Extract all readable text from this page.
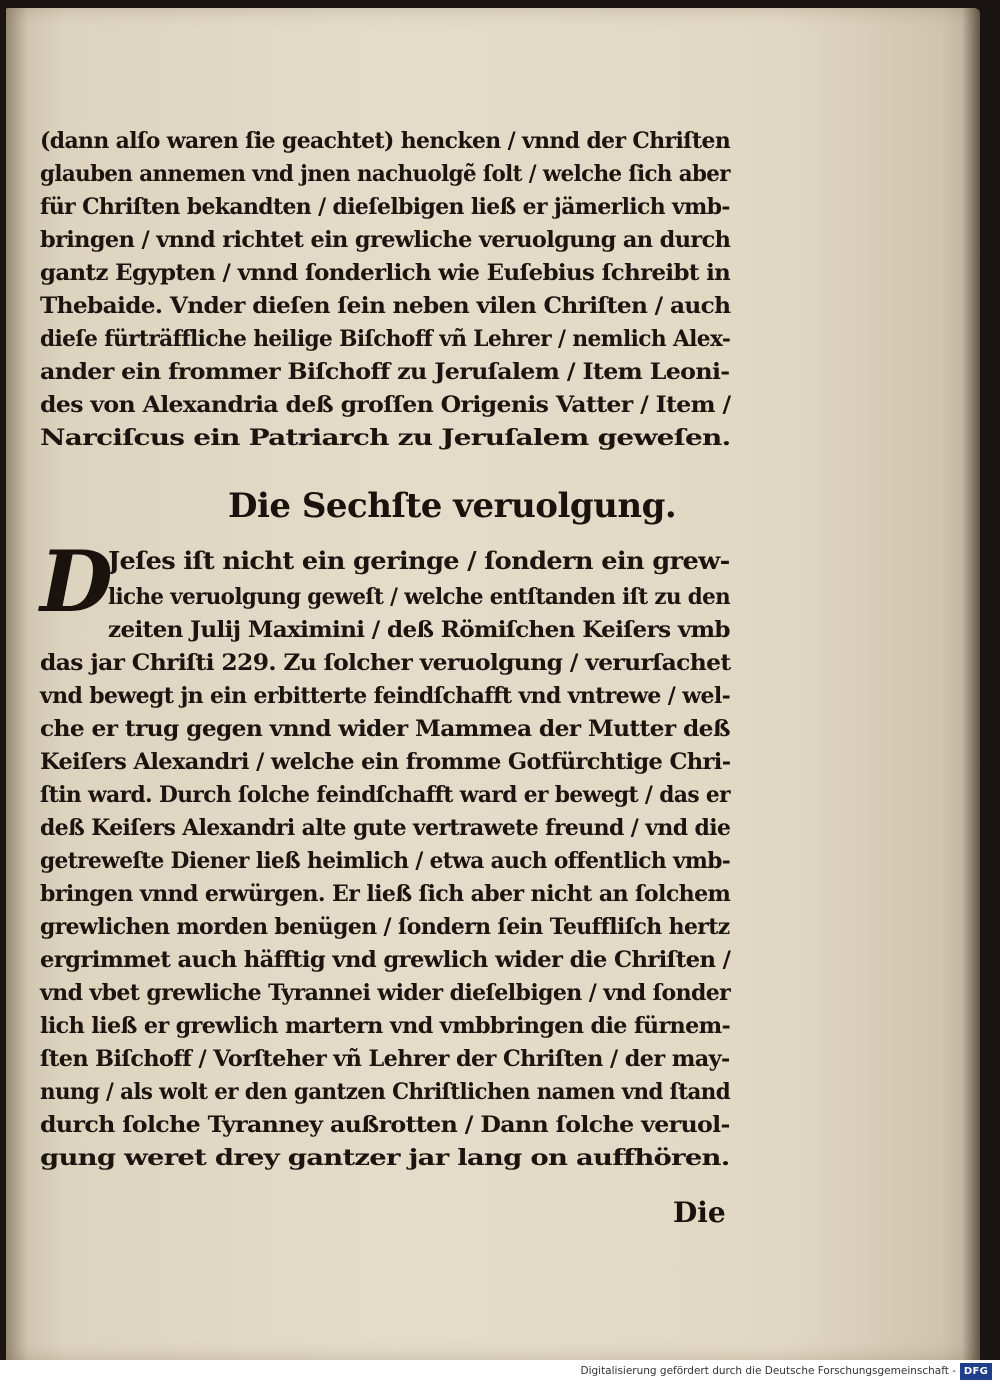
(dann alſo waren ſie geachtet) hencken / vnnd der Chriſten
glauben annemen vnd jnen nachuolgẽ ſolt / welche ſich aber
für Chriſten bekandten / dieſelbigen ließ er jämerlich vmb-
bringen / vnnd richtet ein grewliche veruolgung an durch
gantz Egypten / vnnd ſonderlich wie Euſebius ſchreibt in
Thebaide. Vnder dieſen ſein neben vilen Chriſten / auch
dieſe fürträffliche heilige Biſchoff vñ Lehrer / nemlich Alex-
ander ein frommer Biſchoff zu Jeruſalem / Item Leoni-
des von Alexandria deß groſſen Origenis Vatter / Item /
Narciſcus ein Patriarch zu Jeruſalem geweſen.
Die Sechſte veruolgung.
D
Jeſes iſt nicht ein geringe / ſondern ein grew-
liche veruolgung geweſt / welche entſtanden iſt zu den
zeiten Julij Maximini / deß Römiſchen Keiſers vmb
das jar Chriſti 229. Zu ſolcher veruolgung / verurſachet
vnd bewegt jn ein erbitterte feindſchafft vnd vntrewe / wel-
che er trug gegen vnnd wider Mammea der Mutter deß
Keiſers Alexandri / welche ein fromme Gotfürchtige Chri-
ſtin ward. Durch ſolche feindſchafft ward er bewegt / das er
deß Keiſers Alexandri alte gute vertrawete freund / vnd die
getreweſte Diener ließ heimlich / etwa auch offentlich vmb-
bringen vnnd erwürgen. Er ließ ſich aber nicht an ſolchem
grewlichen morden benügen / ſondern ſein Teuffliſch hertz
ergrimmet auch häfftig vnd grewlich wider die Chriſten /
vnd vbet grewliche Tyrannei wider dieſelbigen / vnd ſonder
lich ließ er grewlich martern vnd vmbbringen die fürnem-
ſten Biſchoff / Vorſteher vñ Lehrer der Chriſten / der may-
nung / als wolt er den gantzen Chriſtlichen namen vnd ſtand
durch ſolche Tyranney außrotten / Dann ſolche veruol-
gung weret drey gantzer jar lang on auffhören.
Die
Digitalisierung gefördert durch die Deutsche Forschungsgemeinschaft - DFG
